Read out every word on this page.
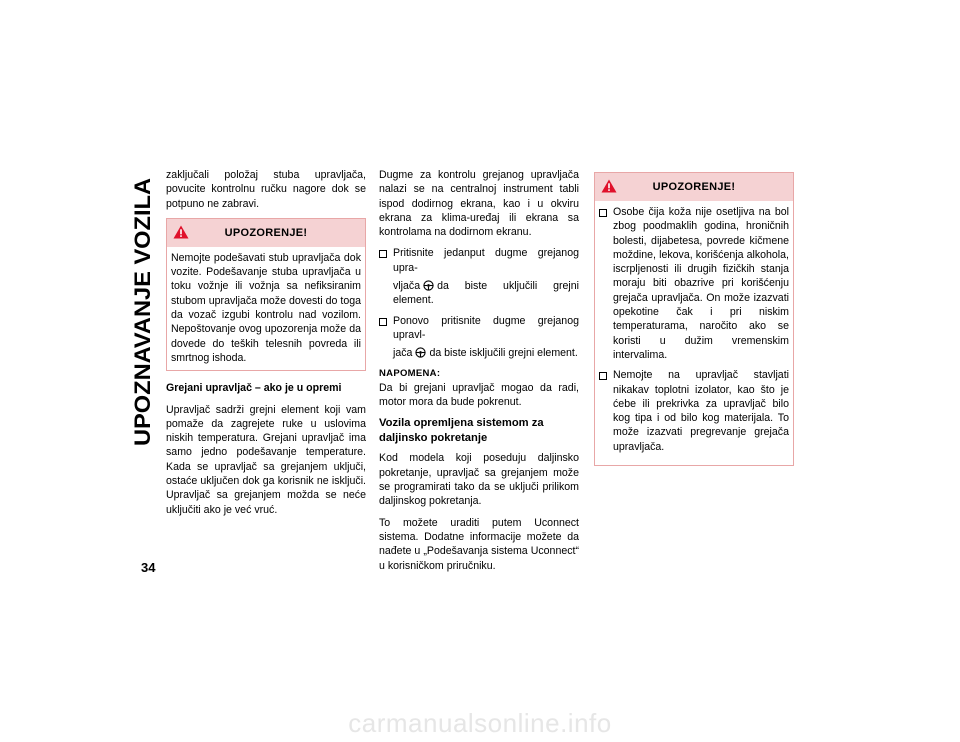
UPOZNAVANJE VOZILA
34

zaključali položaj stuba upravljača, povucite kontrolnu ručku nagore dok se potpuno ne zabravi.

UPOZORENJE!

Nemojte podešavati stub upravljača dok vozite. Podešavanje stuba upravljača u toku vožnje ili vožnja sa nefiksiranim stubom upravljača može dovesti do toga da vozač izgubi kontrolu nad vozilom. Nepoštovanje ovog upozorenja može da dovede do teških telesnih povreda ili smrtnog ishoda.

Grejani upravljač – ako je u opremi

Upravljač sadrži grejni element koji vam pomaže da zagrejete ruke u uslovima niskih temperatura. Grejani upravljač ima samo jedno podešavanje temperature. Kada se upravljač sa grejanjem uključi, ostaće uključen dok ga korisnik ne isključi. Upravljač sa grejanjem možda se neće uključiti ako je već vruć.

Dugme za kontrolu grejanog upravljača nalazi se na centralnoj instrument tabli ispod dodirnog ekrana, kao i u okviru ekrana za klima-uređaj ili ekrana sa kontrolama na dodirnom ekranu.

Pritisnite jedanput dugme grejanog upra-
vljača da biste uključili grejni element.
Ponovo pritisnite dugme grejanog upravl-
jača da biste isključili grejni element.
NAPOMENA:

Da bi grejani upravljač mogao da radi, motor mora da bude pokrenut.

Vozila opremljena sistemom za daljinsko pokretanje

Kod modela koji poseduju daljinsko pokretanje, upravljač sa grejanjem može se programirati tako da se uključi prilikom daljinskog pokretanja.

To možete uraditi putem Uconnect sistema. Dodatne informacije možete da nađete u „Podešavanja sistema Uconnect“ u korisničkom priručniku.

UPOZORENJE!
Osobe čija koža nije osetljiva na bol zbog poodmaklih godina, hroničnih bolesti, dijabetesa, povrede kičmene moždine, lekova, korišćenja alkohola, iscrpljenosti ili drugih fizičkih stanja moraju biti obazrive pri korišćenju grejača upravljača. On može izazvati opekotine čak i pri niskim temperaturama, naročito ako se koristi u dužim vremenskim intervalima.
Nemojte na upravljač stavljati nikakav toplotni izolator, kao što je ćebe ili prekrivka za upravljač bilo kog tipa i od bilo kog materijala. To može izazvati pregrevanje grejača upravljača.
carmanualsonline.info
